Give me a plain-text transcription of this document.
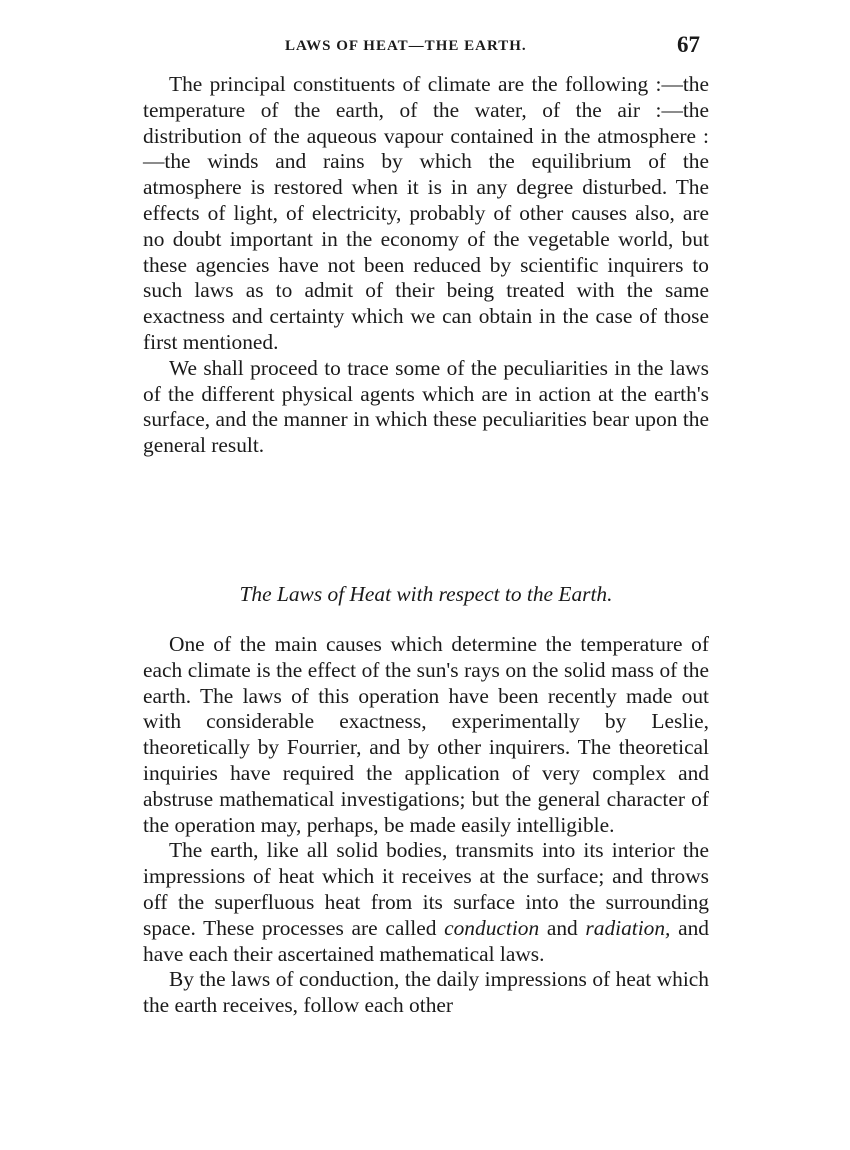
LAWS OF HEAT—THE EARTH.	67

The principal constituents of climate are the following :—the temperature of the earth, of the water, of the air :—the distribution of the aqueous vapour contained in the atmosphere :—the winds and rains by which the equilibrium of the atmosphere is restored when it is in any degree disturbed. The effects of light, of electricity, probably of other causes also, are no doubt important in the economy of the vegetable world, but these agencies have not been reduced by scientific inquirers to such laws as to admit of their being treated with the same exactness and certainty which we can obtain in the case of those first mentioned.

We shall proceed to trace some of the peculiarities in the laws of the different physical agents which are in action at the earth's surface, and the manner in which these peculiarities bear upon the general result.

The Laws of Heat with respect to the Earth.

One of the main causes which determine the temperature of each climate is the effect of the sun's rays on the solid mass of the earth. The laws of this operation have been recently made out with considerable exactness, experimentally by Leslie, theoretically by Fourrier, and by other inquirers. The theoretical inquiries have required the application of very complex and abstruse mathematical investigations; but the general character of the operation may, perhaps, be made easily intelligible.

The earth, like all solid bodies, transmits into its interior the impressions of heat which it receives at the surface; and throws off the superfluous heat from its surface into the surrounding space. These processes are called conduction and radiation, and have each their ascertained mathematical laws.

By the laws of conduction, the daily impressions of heat which the earth receives, follow each other
